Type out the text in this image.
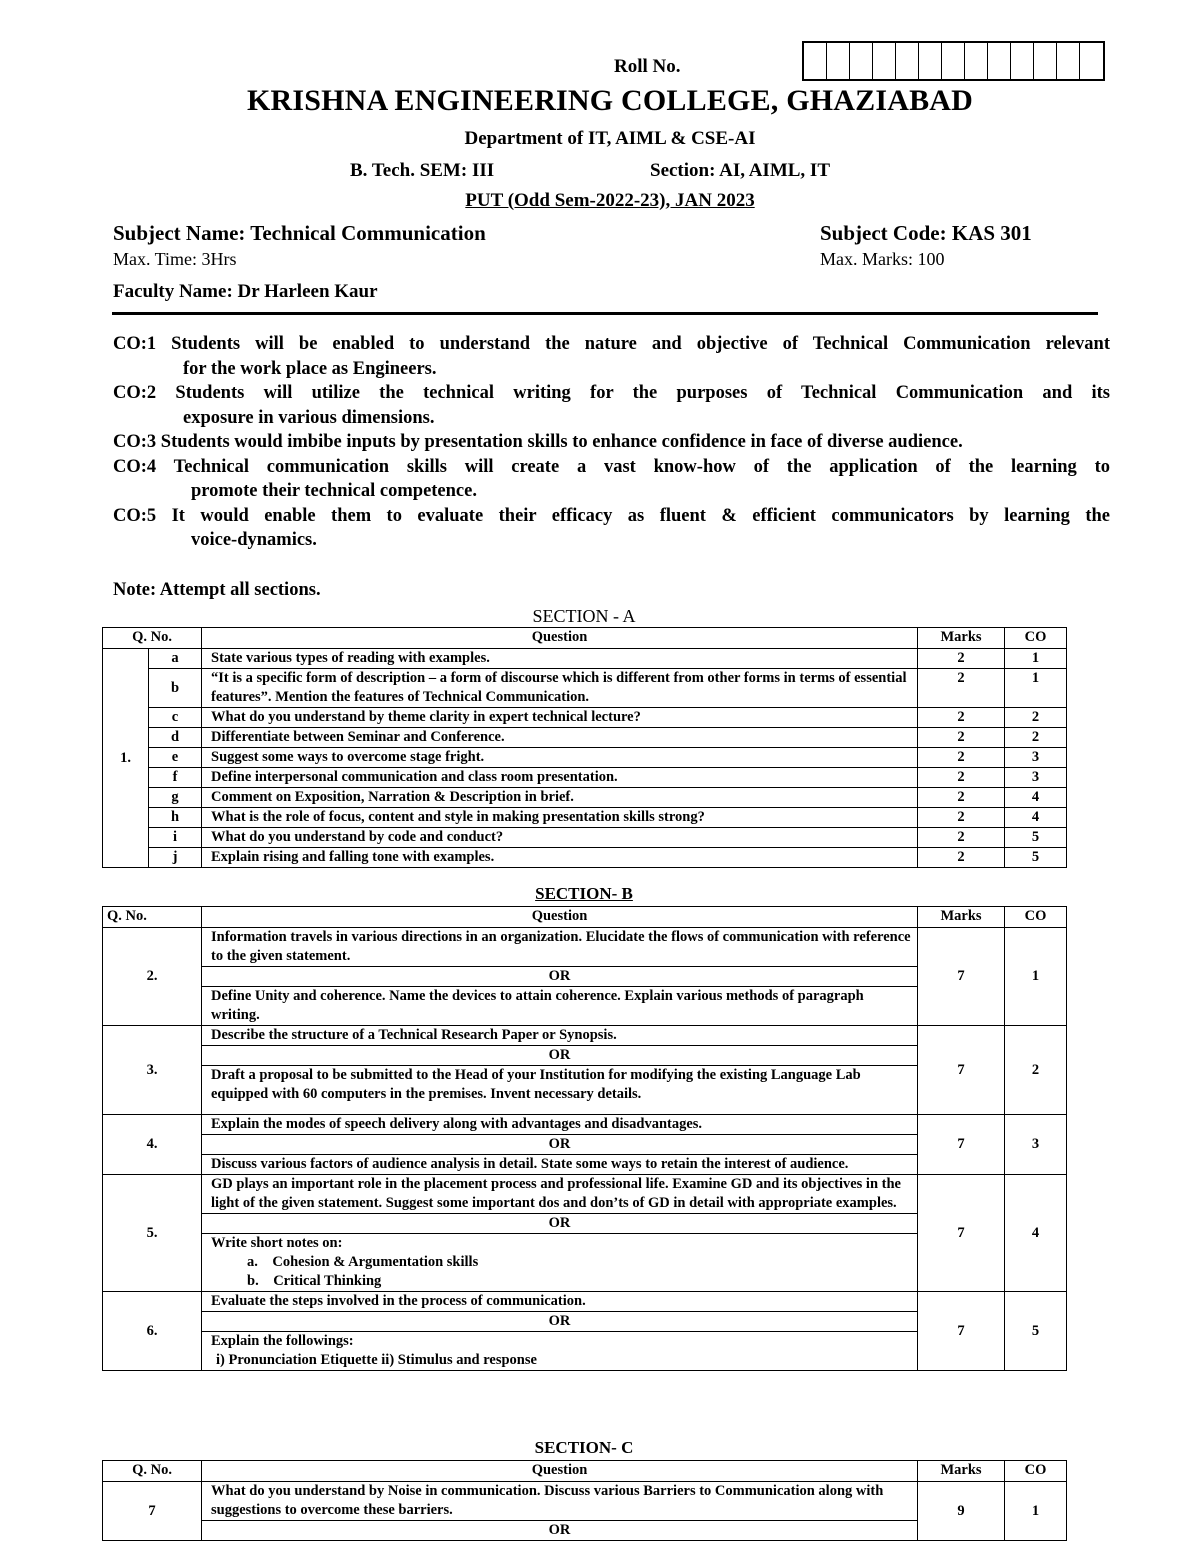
Roll No.
KRISHNA ENGINEERING COLLEGE, GHAZIABAD
Department of IT, AIML & CSE-AI
B. Tech. SEM: III	Section: AI, AIML, IT
PUT (Odd Sem-2022-23), JAN 2023
Subject Name: Technical Communication	Subject Code: KAS 301
Max. Time: 3Hrs	Max. Marks: 100
Faculty Name: Dr Harleen Kaur
CO:1 Students will be enabled to understand the nature and objective of Technical Communication relevant
for the work place as Engineers.
CO:2 Students will utilize the technical writing for the purposes of Technical Communication and its
exposure in various dimensions.
CO:3 Students would imbibe inputs by presentation skills to enhance confidence in face of diverse audience.
CO:4 Technical communication skills will create a vast know-how of the application of the learning to
promote their technical competence.
CO:5 It would enable them to evaluate their efficacy as fluent & efficient communicators by learning the
voice-dynamics.
Note: Attempt all sections.
SECTION - A
Q. No.		Question	Marks	CO
1.	a	State various types of reading with examples.	2	1
	b	“It is a specific form of description – a form of discourse which is different from other forms in terms of essential features”. Mention the features of Technical Communication.	2	1
	c	What do you understand by theme clarity in expert technical lecture?	2	2
	d	Differentiate between Seminar and Conference.	2	2
	e	Suggest some ways to overcome stage fright.	2	3
	f	Define interpersonal communication and class room presentation.	2	3
	g	Comment on Exposition, Narration & Description in brief.	2	4
	h	What is the role of focus, content and style in making presentation skills strong?	2	4
	i	What do you understand by code and conduct?	2	5
	j	Explain rising and falling tone with examples.	2	5
SECTION- B
Q. No.	Question	Marks	CO
2.	Information travels in various directions in an organization. Elucidate the flows of communication with reference to the given statement.	7	1
	OR		
	Define Unity and coherence. Name the devices to attain coherence. Explain various methods of paragraph writing.		
3.	Describe the structure of a Technical Research Paper or Synopsis.	7	2
	OR		
	Draft a proposal to be submitted to the Head of your Institution for modifying the existing Language Lab equipped with 60 computers in the premises. Invent necessary details.		
4.	Explain the modes of speech delivery along with advantages and disadvantages.	7	3
	OR		
	Discuss various factors of audience analysis in detail. State some ways to retain the interest of audience.		
5.	GD plays an important role in the placement process and professional life. Examine GD and its objectives in the light of the given statement. Suggest some important dos and don’ts of GD in detail with appropriate examples.	7	4
	OR		
	Write short notes on:		
	a.    Cohesion & Argumentation skills		
	b.    Critical Thinking		
6.	Evaluate the steps involved in the process of communication.	7	5
	OR		
	Explain the followings:		
	i) Pronunciation Etiquette ii) Stimulus and response		
SECTION- C
Q. No.	Question	Marks	CO
7	What do you understand by Noise in communication. Discuss various Barriers to Communication along with suggestions to overcome these barriers.	9	1
	OR		
